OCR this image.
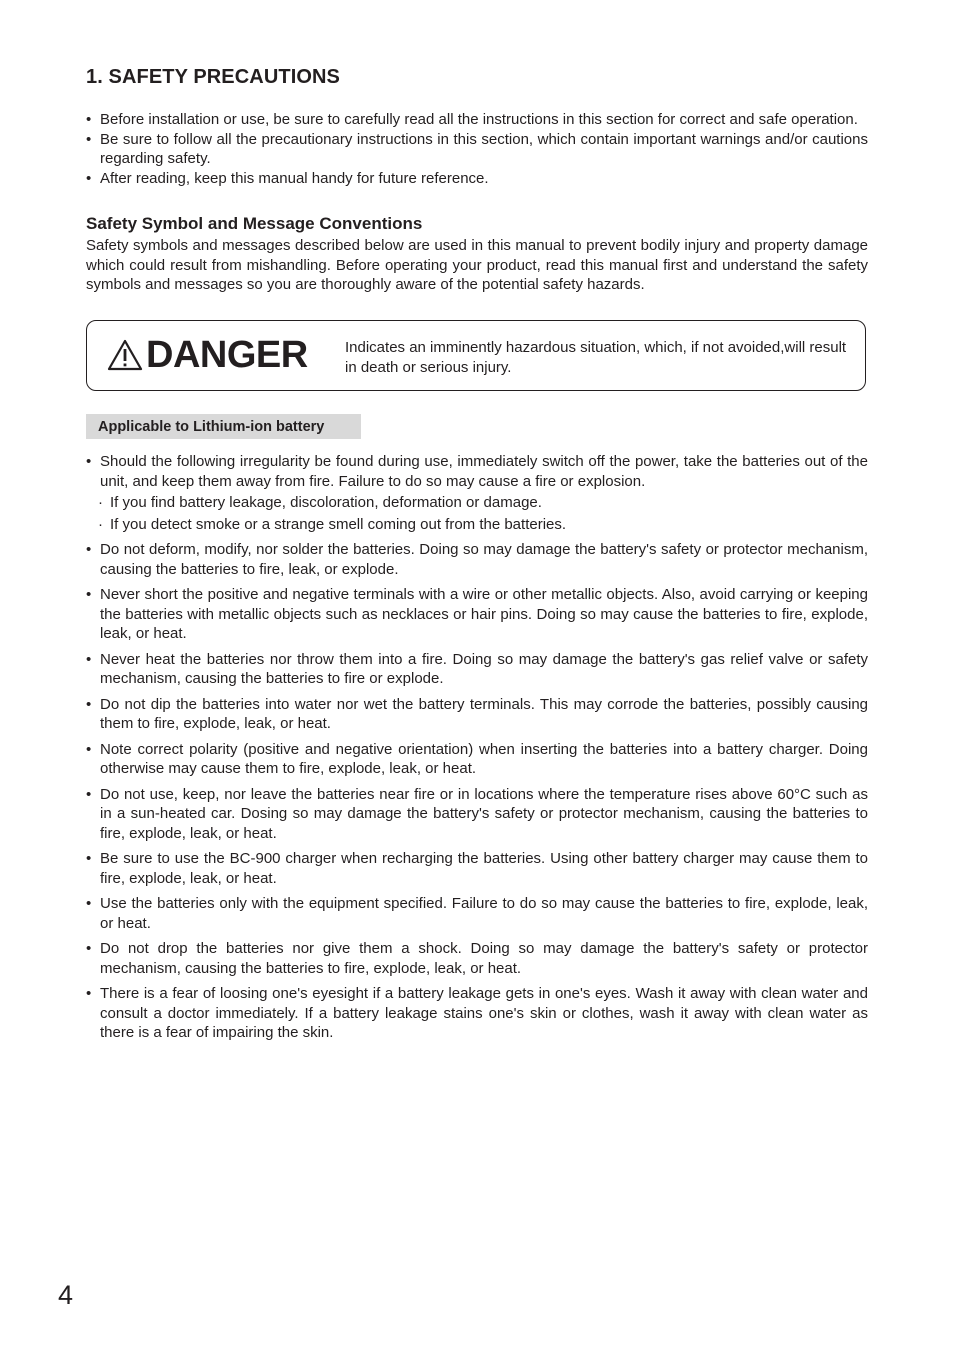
1. SAFETY PRECAUTIONS
• Before installation or use, be sure to carefully read all the instructions in this section for correct and safe operation.
• Be sure to follow all the precautionary instructions in this section, which contain important warnings and/or cautions regarding safety.
• After reading, keep this manual handy for future reference.
Safety Symbol and Message Conventions

Safety symbols and messages described below are used in this manual to prevent bodily injury and property damage which could result from mishandling. Before operating your product, read this manual first and understand the safety symbols and messages so you are thoroughly aware of the potential safety hazards.

DANGER Indicates an imminently hazardous situation, which, if not avoided,will result in death or serious injury.

Applicable to Lithium-ion battery
• Should the following irregularity be found during use, immediately switch off the power, take the batteries out of the unit, and keep them away from fire. Failure to do so may cause a fire or explosion.
· If you find battery leakage, discoloration, deformation or damage.
· If you detect smoke or a strange smell coming out from the batteries.
• Do not deform, modify, nor solder the batteries. Doing so may damage the battery's safety or protector mechanism, causing the batteries to fire, leak, or explode.
• Never short the positive and negative terminals with a wire or other metallic objects. Also, avoid carrying or keeping the batteries with metallic objects such as necklaces or hair pins. Doing so may cause the batteries to fire, explode, leak, or heat.
• Never heat the batteries nor throw them into a fire. Doing so may damage the battery's gas relief valve or safety mechanism, causing the batteries to fire or explode.
• Do not dip the batteries into water nor wet the battery terminals. This may corrode the batteries, possibly causing them to fire, explode, leak, or heat.
• Note correct polarity (positive and negative orientation) when inserting the batteries into a battery charger. Doing otherwise may cause them to fire, explode, leak, or heat.
• Do not use, keep, nor leave the batteries near fire or in locations where the temperature rises above 60°C such as in a sun-heated car. Dosing so may damage the battery's safety or protector mechanism, causing the batteries to fire, explode, leak, or heat.
• Be sure to use the BC-900 charger when recharging the batteries. Using other battery charger may cause them to fire, explode, leak, or heat.
• Use the batteries only with the equipment specified. Failure to do so may cause the batteries to fire, explode, leak, or heat.
• Do not drop the batteries nor give them a shock. Doing so may damage the battery's safety or protector mechanism, causing the batteries to fire, explode, leak, or heat.
• There is a fear of loosing one's eyesight if a battery leakage gets in one's eyes. Wash it away with clean water and consult a doctor immediately. If a battery leakage stains one's skin or clothes, wash it away with clean water as there is a fear of impairing the skin.
4
